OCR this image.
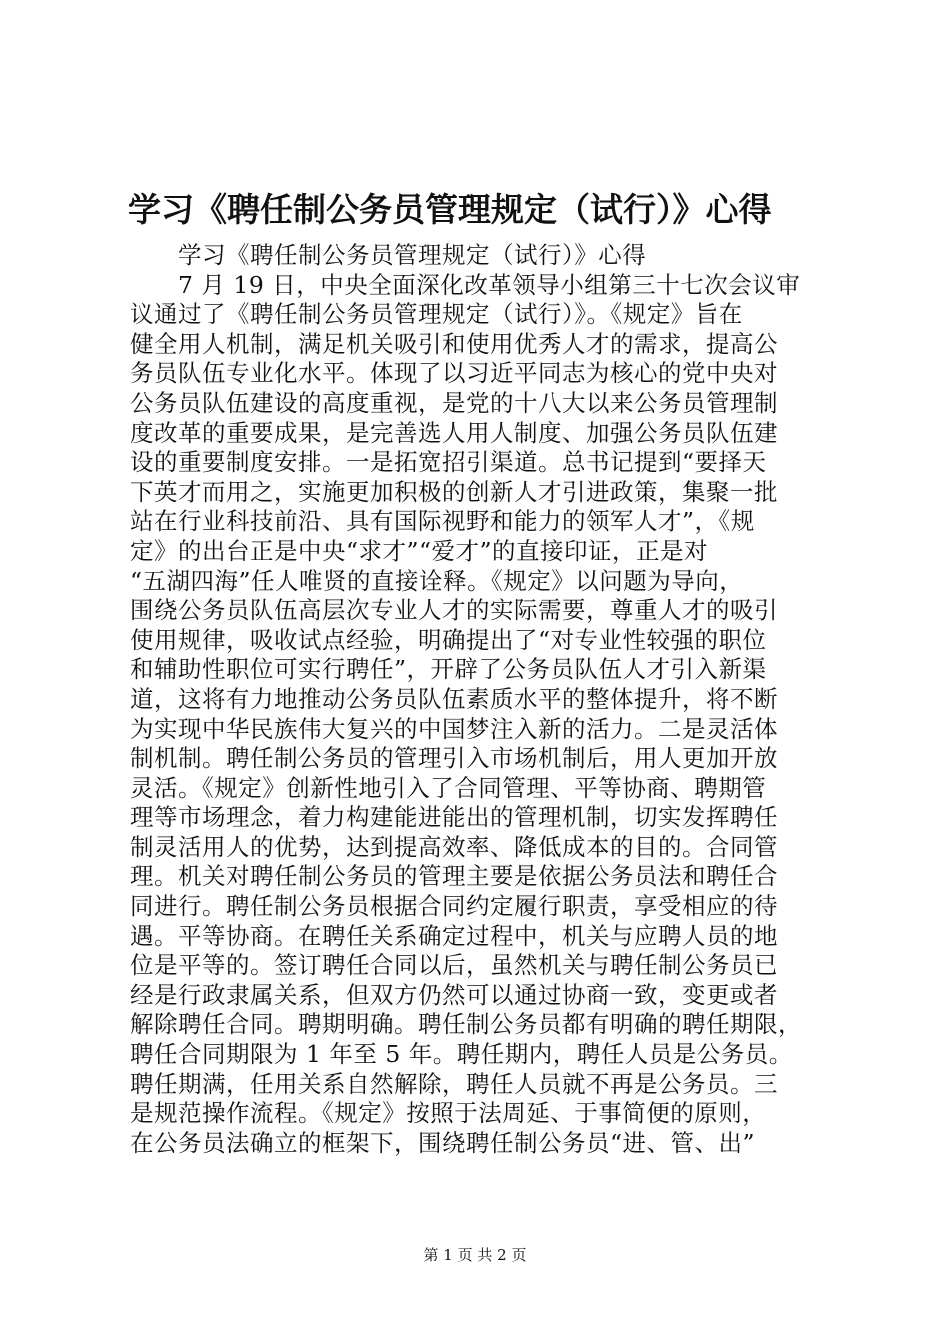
学习《聘任制公务员管理规定（试行）》心得
学习《聘任制公务员管理规定（试行）》心得
7 月 19 日，中央全面深化改革领导小组第三十七次会议审
议通过了《聘任制公务员管理规定（试行）》。《规定》旨在
健全用人机制，满足机关吸引和使用优秀人才的需求，提高公
务员队伍专业化水平。体现了以习近平同志为核心的党中央对
公务员队伍建设的高度重视，是党的十八大以来公务员管理制
度改革的重要成果，是完善选人用人制度、加强公务员队伍建
设的重要制度安排。一是拓宽招引渠道。总书记提到“要择天
下英才而用之，实施更加积极的创新人才引进政策，集聚一批
站在行业科技前沿、具有国际视野和能力的领军人才”，《规
定》的出台正是中央“求才”“爱才”的直接印证，正是对
“五湖四海”任人唯贤的直接诠释。《规定》以问题为导向，
围绕公务员队伍高层次专业人才的实际需要，尊重人才的吸引
使用规律，吸收试点经验，明确提出了“对专业性较强的职位
和辅助性职位可实行聘任”，开辟了公务员队伍人才引入新渠
道，这将有力地推动公务员队伍素质水平的整体提升，将不断
为实现中华民族伟大复兴的中国梦注入新的活力。二是灵活体
制机制。聘任制公务员的管理引入市场机制后，用人更加开放
灵活。《规定》创新性地引入了合同管理、平等协商、聘期管
理等市场理念，着力构建能进能出的管理机制，切实发挥聘任
制灵活用人的优势，达到提高效率、降低成本的目的。合同管
理。机关对聘任制公务员的管理主要是依据公务员法和聘任合
同进行。聘任制公务员根据合同约定履行职责，享受相应的待
遇。平等协商。在聘任关系确定过程中，机关与应聘人员的地
位是平等的。签订聘任合同以后，虽然机关与聘任制公务员已
经是行政隶属关系，但双方仍然可以通过协商一致，变更或者
解除聘任合同。聘期明确。聘任制公务员都有明确的聘任期限，
聘任合同期限为 1 年至 5 年。聘任期内，聘任人员是公务员。
聘任期满，任用关系自然解除，聘任人员就不再是公务员。三
是规范操作流程。《规定》按照于法周延、于事简便的原则，
在公务员法确立的框架下，围绕聘任制公务员“进、管、出”
第 1 页 共 2 页
